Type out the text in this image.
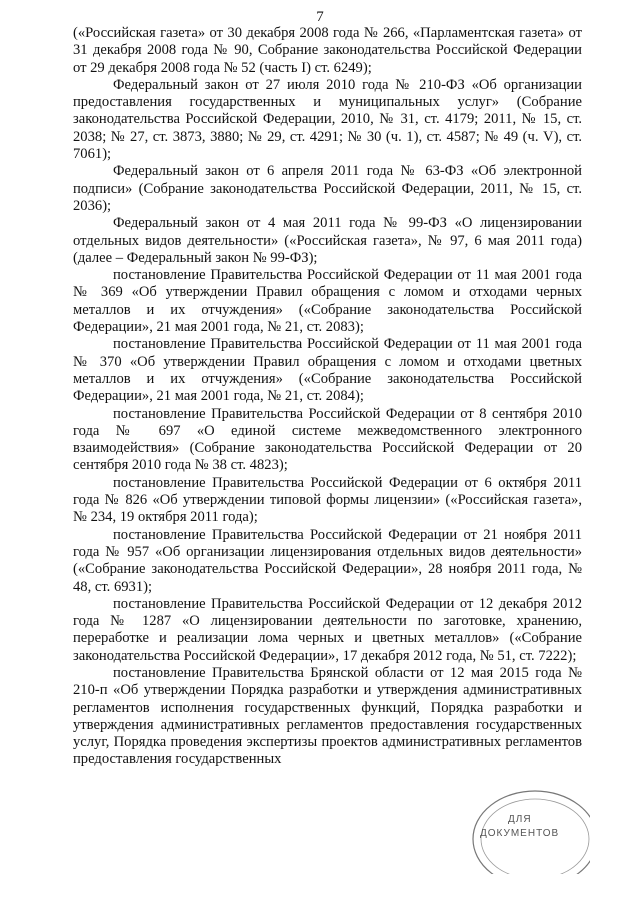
7

(«Российская газета» от 30 декабря 2008 года № 266, «Парламентская газета» от 31 декабря 2008 года № 90, Собрание законодательства Российской Федерации от 29 декабря 2008 года № 52 (часть I) ст. 6249);

Федеральный закон от 27 июля 2010 года № 210-ФЗ «Об организации предоставления государственных и муниципальных услуг» (Собрание законодательства Российской Федерации, 2010, № 31, ст. 4179; 2011, № 15, ст. 2038; № 27, ст. 3873, 3880; № 29, ст. 4291; № 30 (ч. 1), ст. 4587; № 49 (ч. V), ст. 7061);

Федеральный закон от 6 апреля 2011 года № 63-ФЗ «Об электронной подписи» (Собрание законодательства Российской Федерации, 2011, № 15, ст. 2036);

Федеральный закон от 4 мая 2011 года № 99-ФЗ «О лицензировании отдельных видов деятельности» («Российская газета», № 97, 6 мая 2011 года) (далее – Федеральный закон № 99-ФЗ);

постановление Правительства Российской Федерации от 11 мая 2001 года № 369 «Об утверждении Правил обращения с ломом и отходами черных металлов и их отчуждения» («Собрание законодательства Российской Федерации», 21 мая 2001 года, № 21, ст. 2083);

постановление Правительства Российской Федерации от 11 мая 2001 года № 370 «Об утверждении Правил обращения с ломом и отходами цветных металлов и их отчуждения» («Собрание законодательства Российской Федерации», 21 мая 2001 года, № 21, ст. 2084);

постановление Правительства Российской Федерации от 8 сентября 2010 года № 697 «О единой системе межведомственного электронного взаимодействия» (Собрание законодательства Российской Федерации от 20 сентября 2010 года № 38 ст. 4823);

постановление Правительства Российской Федерации от 6 октября 2011 года № 826 «Об утверждении типовой формы лицензии» («Российская газета», № 234, 19 октября 2011 года);

постановление Правительства Российской Федерации от 21 ноября 2011 года № 957 «Об организации лицензирования отдельных видов деятельности» («Собрание законодательства Российской Федерации», 28 ноября 2011 года, № 48, ст. 6931);

постановление Правительства Российской Федерации от 12 декабря 2012 года № 1287 «О лицензировании деятельности по заготовке, хранению, переработке и реализации лома черных и цветных металлов» («Собрание законодательства Российской Федерации», 17 декабря 2012 года, № 51, ст. 7222);

постановление Правительства Брянской области от 12 мая 2015 года № 210-п «Об утверждении Порядка разработки и утверждения административных регламентов исполнения государственных функций, Порядка разработки и утверждения административных регламентов предоставления государственных услуг, Порядка проведения экспертизы проектов административных регламентов предоставления государственных

ДЛЯ
ДОКУМЕНТОВ
